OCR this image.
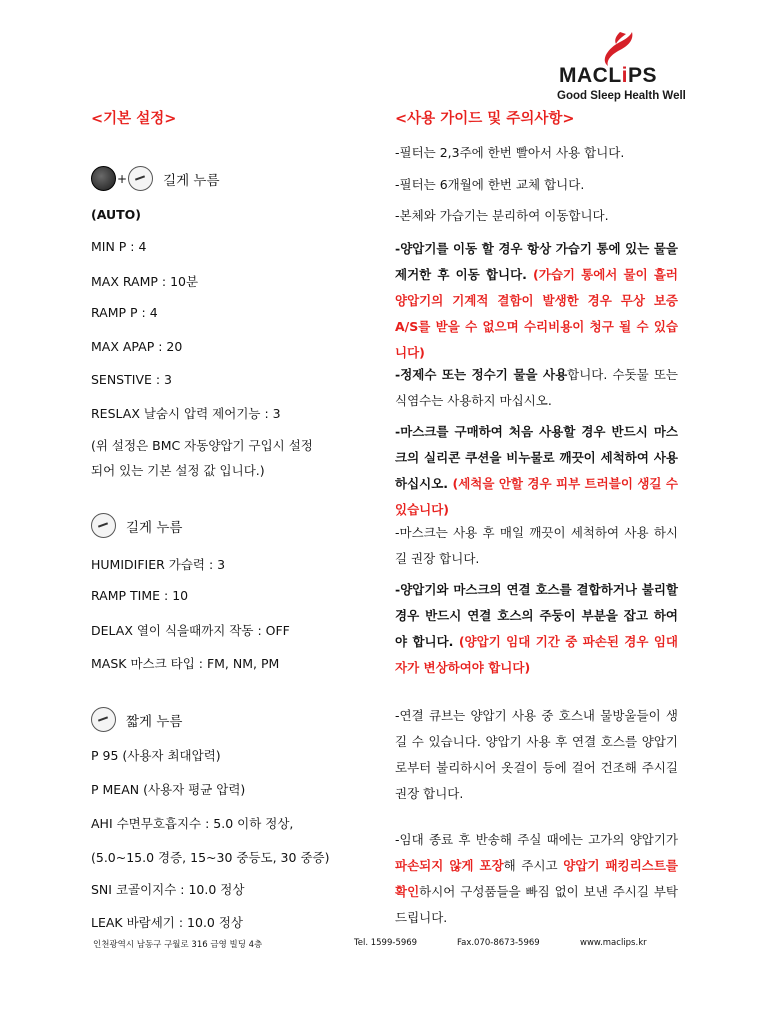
MACLiPS
Good Sleep Health Well
<기본 설정>
+	길게 누름
(AUTO)
MIN P : 4
MAX RAMP : 10분
RAMP P : 4
MAX APAP : 20
SENSTIVE : 3
RESLAX 날숨시 압력 제어기능 : 3
(위 설정은 BMC 자동양압기 구입시 설정
되어 있는 기본 설정 값 입니다.)
길게 누름
HUMIDIFIER 가습력 : 3
RAMP TIME : 10
DELAX 열이 식을때까지 작동 : OFF
MASK 마스크 타입 : FM, NM, PM
짧게 누름
P 95 (사용자 최대압력)
P MEAN (사용자 평균 압력)
AHI 수면무호흡지수 : 5.0 이하 정상,
(5.0~15.0 경증, 15~30 중등도, 30 중증)
SNI 코골이지수 : 10.0 정상
LEAK 바람세기 : 10.0 정상
<사용 가이드 및 주의사항>
-필터는 2,3주에 한번 빨아서 사용 합니다.
-필터는 6개월에 한번 교체 합니다.
-본체와 가습기는 분리하여 이동합니다.
-양압기를 이동 할 경우 항상 가습기 통에 있는 물을 제거한 후 이동 합니다. (가습기 통에서 물이 흘러 양압기의 기계적 결함이 발생한 경우 무상 보증 A/S를 받을 수 없으며 수리비용이 청구 될 수 있습니다)
-정제수 또는 정수기 물을 사용합니다. 수돗물 또는 식염수는 사용하지 마십시오.
-마스크를 구매하여 처음 사용할 경우 반드시 마스크의 실리콘 쿠션을 비누물로 깨끗이 세척하여 사용하십시오. (세척을 안할 경우 피부 트러블이 생길 수 있습니다)
-마스크는 사용 후 매일 깨끗이 세척하여 사용 하시길 권장 합니다.
-양압기와 마스크의 연결 호스를 결합하거나 불리할 경우 반드시 연결 호스의 주둥이 부분을 잡고 하여야 합니다. (양압기 임대 기간 중 파손된 경우 임대자가 변상하여야 합니다)
-연결 큐브는 양압기 사용 중 호스내 물방울들이 생길 수 있습니다. 양압기 사용 후 연결 호스를 양압기로부터 불리하시어 옷걸이 등에 걸어 건조해 주시길 권장 합니다.
-임대 종료 후 반송해 주실 때에는 고가의 양압기가 파손되지 않게 포장해 주시고 양압기 패킹리스트를 확인하시어 구성품들을 빠짐 없이 보낸 주시길 부탁드립니다.
인천광역시 남동구 구월로 316 금영 빌딩 4층	Tel. 1599-5969	Fax.070-8673-5969	www.maclips.kr
